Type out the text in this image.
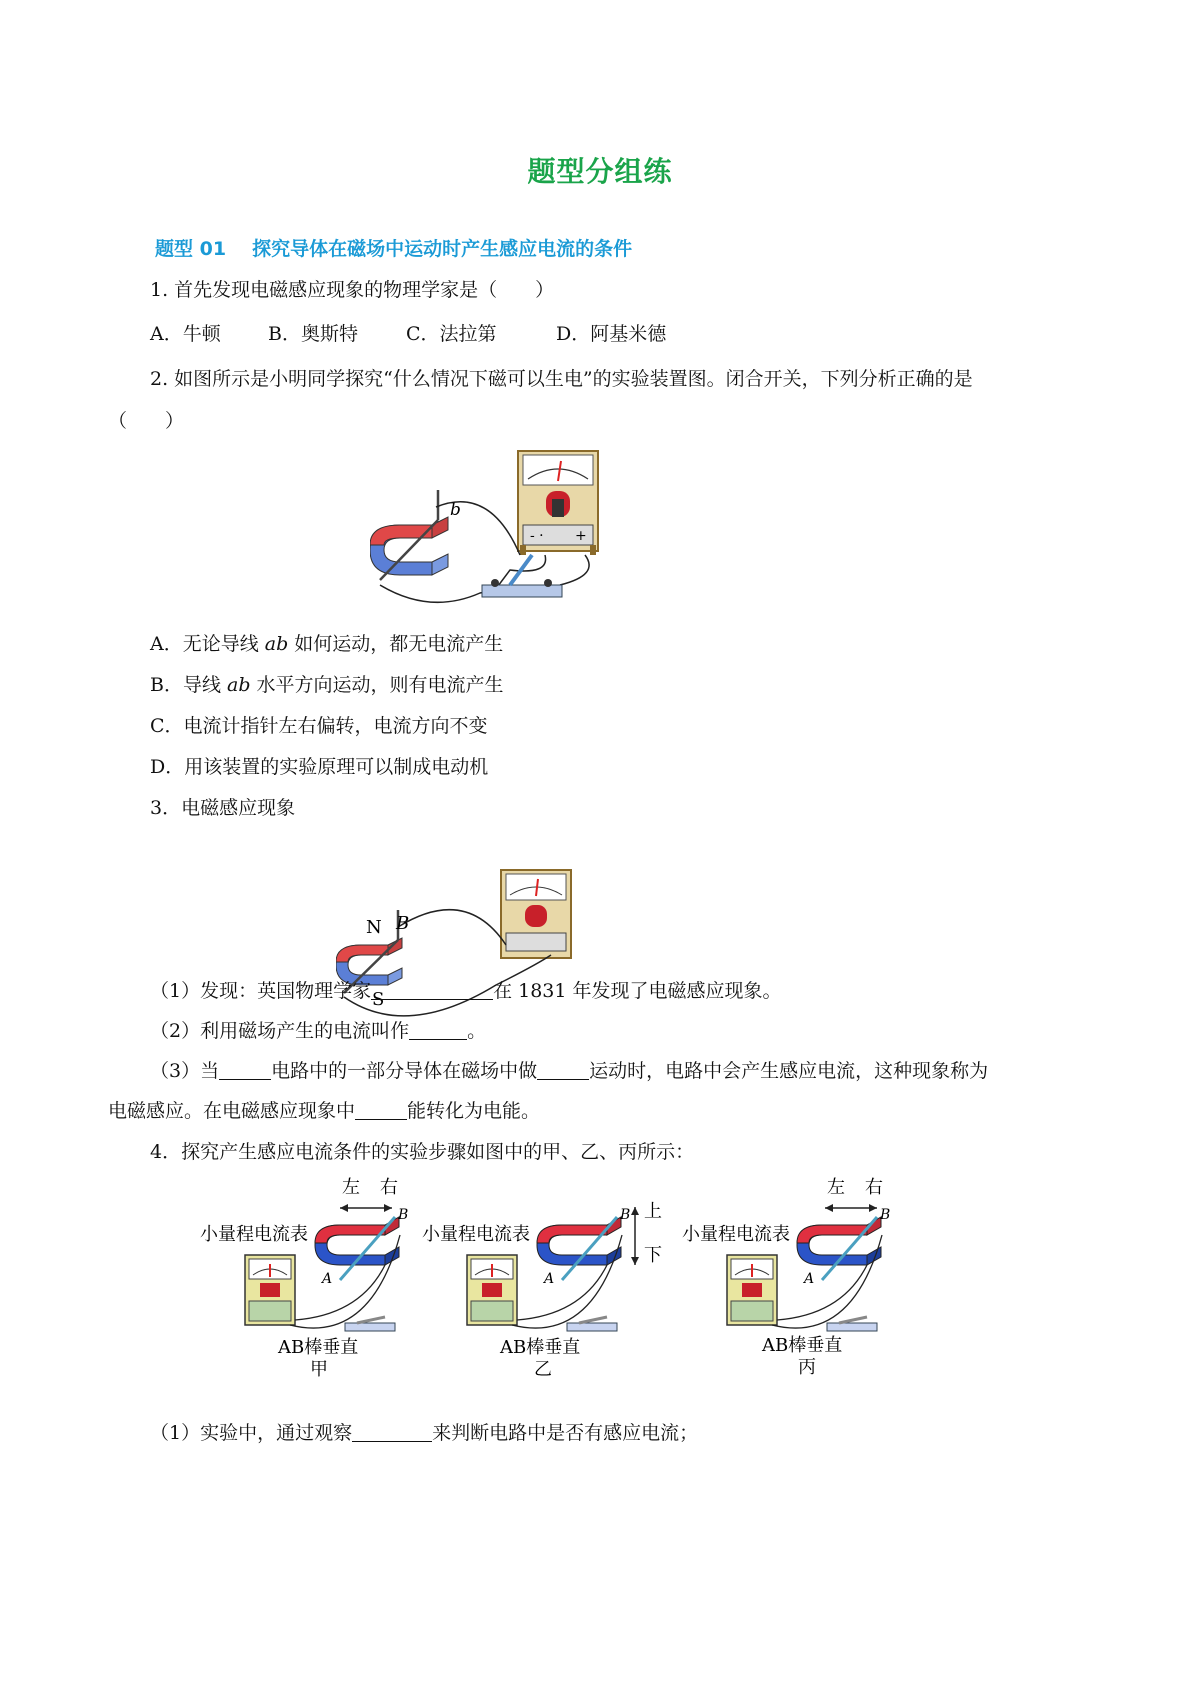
题型分组练
题型 01 探究导体在磁场中运动时产生感应电流的条件
1. 首先发现电磁感应现象的物理学家是（　　）
A．牛顿 B．奥斯特	C．法拉第	D．阿基米德
2. 如图所示是小明同学探究“什么情况下磁可以生电”的实验装置图。闭合开关，下列分析正确的是
（　　）
- · +
b
A．无论导线 ab 如何运动，都无电流产生
B．导线 ab 水平方向运动，则有电流产生
C．电流计指针左右偏转，电流方向不变
D．用该装置的实验原理可以制成电动机
3．电磁感应现象
N B
S
（1）发现：英国物理学家	在 1831 年发现了电磁感应现象。
（2）利用磁场产生的电流叫作	。
（3）当	电路中的一部分导体在磁场中做	运动时，电路中会产生感应电流，这种现象称为
电磁感应。在电磁感应现象中	能转化为电能。
4．探究产生感应电流条件的实验步骤如图中的甲、乙、丙所示：
左 右
B
A
小量程电流表
AB棒垂直
甲
B
A
上
下
小量程电流表
AB棒垂直
乙
左 右
B
A
小量程电流表
AB棒垂直
丙
（1）实验中，通过观察	来判断电路中是否有感应电流；
